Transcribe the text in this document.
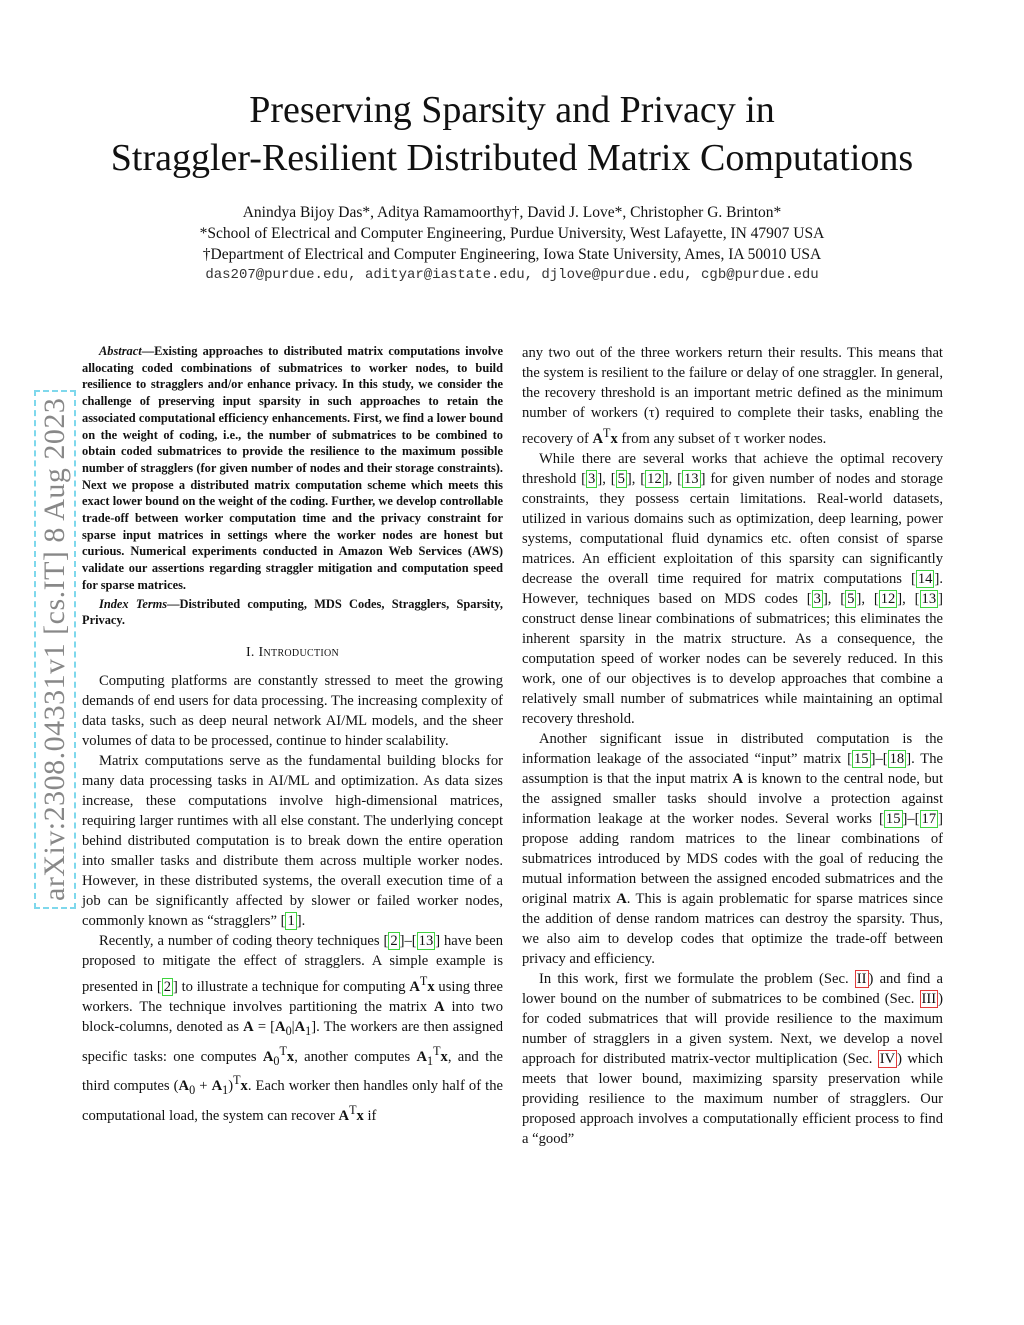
Preserving Sparsity and Privacy in
Straggler-Resilient Distributed Matrix Computations
Anindya Bijoy Das*, Aditya Ramamoorthy†, David J. Love*, Christopher G. Brinton*
*School of Electrical and Computer Engineering, Purdue University, West Lafayette, IN 47907 USA
†Department of Electrical and Computer Engineering, Iowa State University, Ames, IA 50010 USA
das207@purdue.edu, adityar@iastate.edu, djlove@purdue.edu, cgb@purdue.edu
arXiv:2308.04331v1 [cs.IT] 8 Aug 2023

Abstract—Existing approaches to distributed matrix computations involve allocating coded combinations of submatrices to worker nodes, to build resilience to stragglers and/or enhance privacy. In this study, we consider the challenge of preserving input sparsity in such approaches to retain the associated computational efficiency enhancements. First, we find a lower bound on the weight of coding, i.e., the number of submatrices to be combined to obtain coded submatrices to provide the resilience to the maximum possible number of stragglers (for given number of nodes and their storage constraints). Next we propose a distributed matrix computation scheme which meets this exact lower bound on the weight of the coding. Further, we develop controllable trade-off between worker computation time and the privacy constraint for sparse input matrices in settings where the worker nodes are honest but curious. Numerical experiments conducted in Amazon Web Services (AWS) validate our assertions regarding straggler mitigation and computation speed for sparse matrices.

Index Terms—Distributed computing, MDS Codes, Stragglers, Sparsity, Privacy.

I. Introduction

Computing platforms are constantly stressed to meet the growing demands of end users for data processing. The increasing complexity of data tasks, such as deep neural network AI/ML models, and the sheer volumes of data to be processed, continue to hinder scalability.

Matrix computations serve as the fundamental building blocks for many data processing tasks in AI/ML and optimization. As data sizes increase, these computations involve high-dimensional matrices, requiring larger runtimes with all else constant. The underlying concept behind distributed computation is to break down the entire operation into smaller tasks and distribute them across multiple worker nodes. However, in these distributed systems, the overall execution time of a job can be significantly affected by slower or failed worker nodes, commonly known as “stragglers” [ 1 ].

Recently, a number of coding theory techniques [ 2 ]–[ 13 ] have been proposed to mitigate the effect of stragglers. A simple example is presented in [ 2 ] to illustrate a technique for computing $A^Tx$ using three workers. The technique involves partitioning the matrix A into two block-columns, denoted as $A = [A_0|A_1]$. The workers are then assigned specific tasks: one computes $A_0^Tx$, another computes $A_1^Tx$, and the third computes $(A_0 + A_1)^Tx$. Each worker then handles only half of the computational load, the system can recover $A^Tx$ if

any two out of the three workers return their results. This means that the system is resilient to the failure or delay of one straggler. In general, the recovery threshold is an important metric defined as the minimum number of workers (τ) required to complete their tasks, enabling the recovery of $A^Tx$ from any subset of τ worker nodes.

While there are several works that achieve the optimal recovery threshold [ 3 ], [ 5 ], [ 12 ], [ 13 ] for given number of nodes and storage constraints, they possess certain limitations. Real-world datasets, utilized in various domains such as optimization, deep learning, power systems, computational fluid dynamics etc. often consist of sparse matrices. An efficient exploitation of this sparsity can significantly decrease the overall time required for matrix computations [ 14 ]. However, techniques based on MDS codes [ 3 ], [ 5 ], [ 12 ], [ 13 ] construct dense linear combinations of submatrices; this eliminates the inherent sparsity in the matrix structure. As a consequence, the computation speed of worker nodes can be severely reduced. In this work, one of our objectives is to develop approaches that combine a relatively small number of submatrices while maintaining an optimal recovery threshold.

Another significant issue in distributed computation is the information leakage of the associated “input” matrix [ 15 ]–[ 18 ]. The assumption is that the input matrix A is known to the central node, but the assigned smaller tasks should involve a protection against information leakage at the worker nodes. Several works [ 15 ]–[ 17 ] propose adding random matrices to the linear combinations of submatrices introduced by MDS codes with the goal of reducing the mutual information between the assigned encoded submatrices and the original matrix A. This is again problematic for sparse matrices since the addition of dense random matrices can destroy the sparsity. Thus, we also aim to develop codes that optimize the trade-off between privacy and efficiency.

In this work, first we formulate the problem (Sec. II ) and find a lower bound on the number of submatrices to be combined (Sec. III ) for coded submatrices that will provide resilience to the maximum number of stragglers in a given system. Next, we develop a novel approach for distributed matrix-vector multiplication (Sec. IV ) which meets that lower bound, maximizing sparsity preservation while providing resilience to the maximum number of stragglers. Our proposed approach involves a computationally efficient process to find a “good”
